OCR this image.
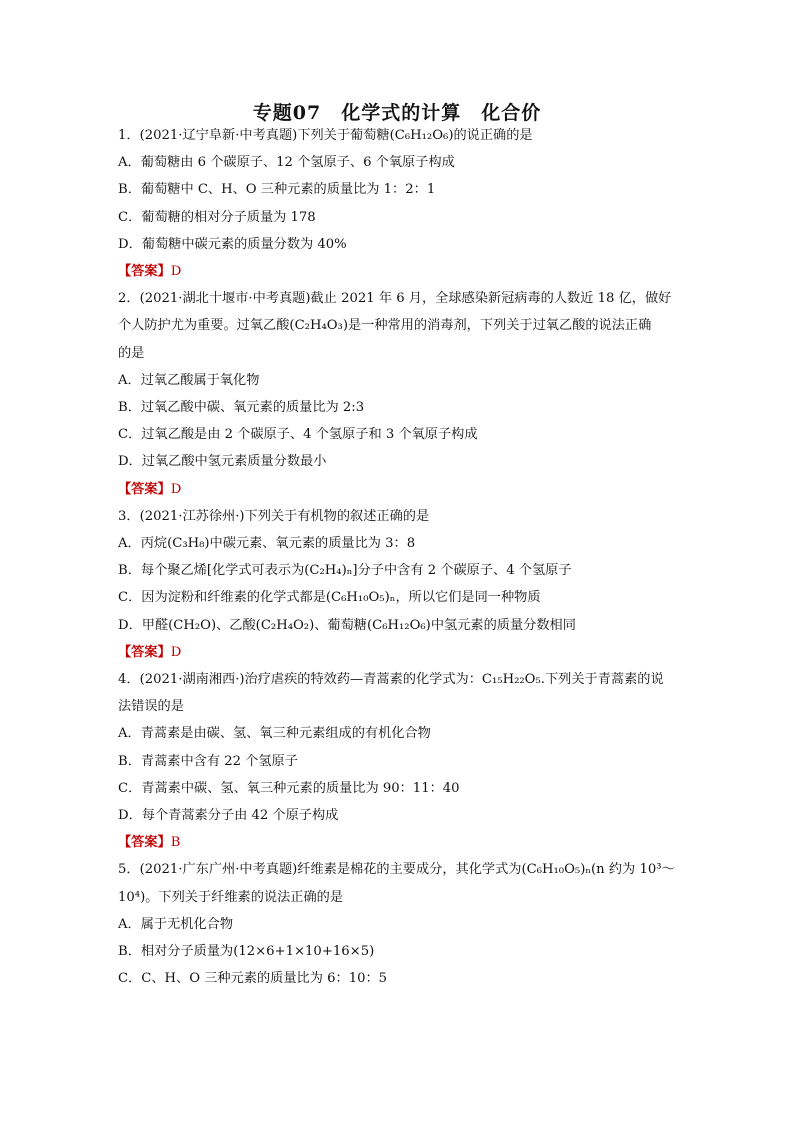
专题07　化学式的计算　化合价
1．(2021·辽宁阜新·中考真题)下列关于葡萄糖(C₆H₁₂O₆)的说正确的是
A．葡萄糖由 6 个碳原子、12 个氢原子、6 个氧原子构成
B．葡萄糖中 C、H、O 三种元素的质量比为 1：2：1
C．葡萄糖的相对分子质量为 178
D．葡萄糖中碳元素的质量分数为 40%
【答案】D
2．(2021·湖北十堰市·中考真题)截止 2021 年 6 月，全球感染新冠病毒的人数近 18 亿，做好
个人防护尤为重要。过氧乙酸(C₂H₄O₃)是一种常用的消毒剂，下列关于过氧乙酸的说法正确
的是
A．过氧乙酸属于氧化物
B．过氧乙酸中碳、氧元素的质量比为 2:3
C．过氧乙酸是由 2 个碳原子、4 个氢原子和 3 个氧原子构成
D．过氧乙酸中氢元素质量分数最小
【答案】D
3．(2021·江苏徐州·)下列关于有机物的叙述正确的是
A．丙烷(C₃H₈)中碳元素、氧元素的质量比为 3：8
B．每个聚乙烯[化学式可表示为(C₂H₄)ₙ]分子中含有 2 个碳原子、4 个氢原子
C．因为淀粉和纤维素的化学式都是(C₆H₁₀O₅)ₙ，所以它们是同一种物质
D．甲醛(CH₂O)、乙酸(C₂H₄O₂)、葡萄糖(C₆H₁₂O₆)中氢元素的质量分数相同
【答案】D
4．(2021·湖南湘西·)治疗虐疾的特效药—青蒿素的化学式为：C₁₅H₂₂O₅.下列关于青蒿素的说
法错误的是
A．青蒿素是由碳、氢、氧三种元素组成的有机化合物
B．青蒿素中含有 22 个氢原子
C．青蒿素中碳、氢、氧三种元素的质量比为 90：11：40
D．每个青蒿素分子由 42 个原子构成
【答案】B
5．(2021·广东广州·中考真题)纤维素是棉花的主要成分，其化学式为(C₆H₁₀O₅)ₙ(n 约为 10³～
10⁴)。下列关于纤维素的说法正确的是
A．属于无机化合物
B．相对分子质量为(12×6+1×10+16×5)
C．C、H、O 三种元素的质量比为 6：10：5
